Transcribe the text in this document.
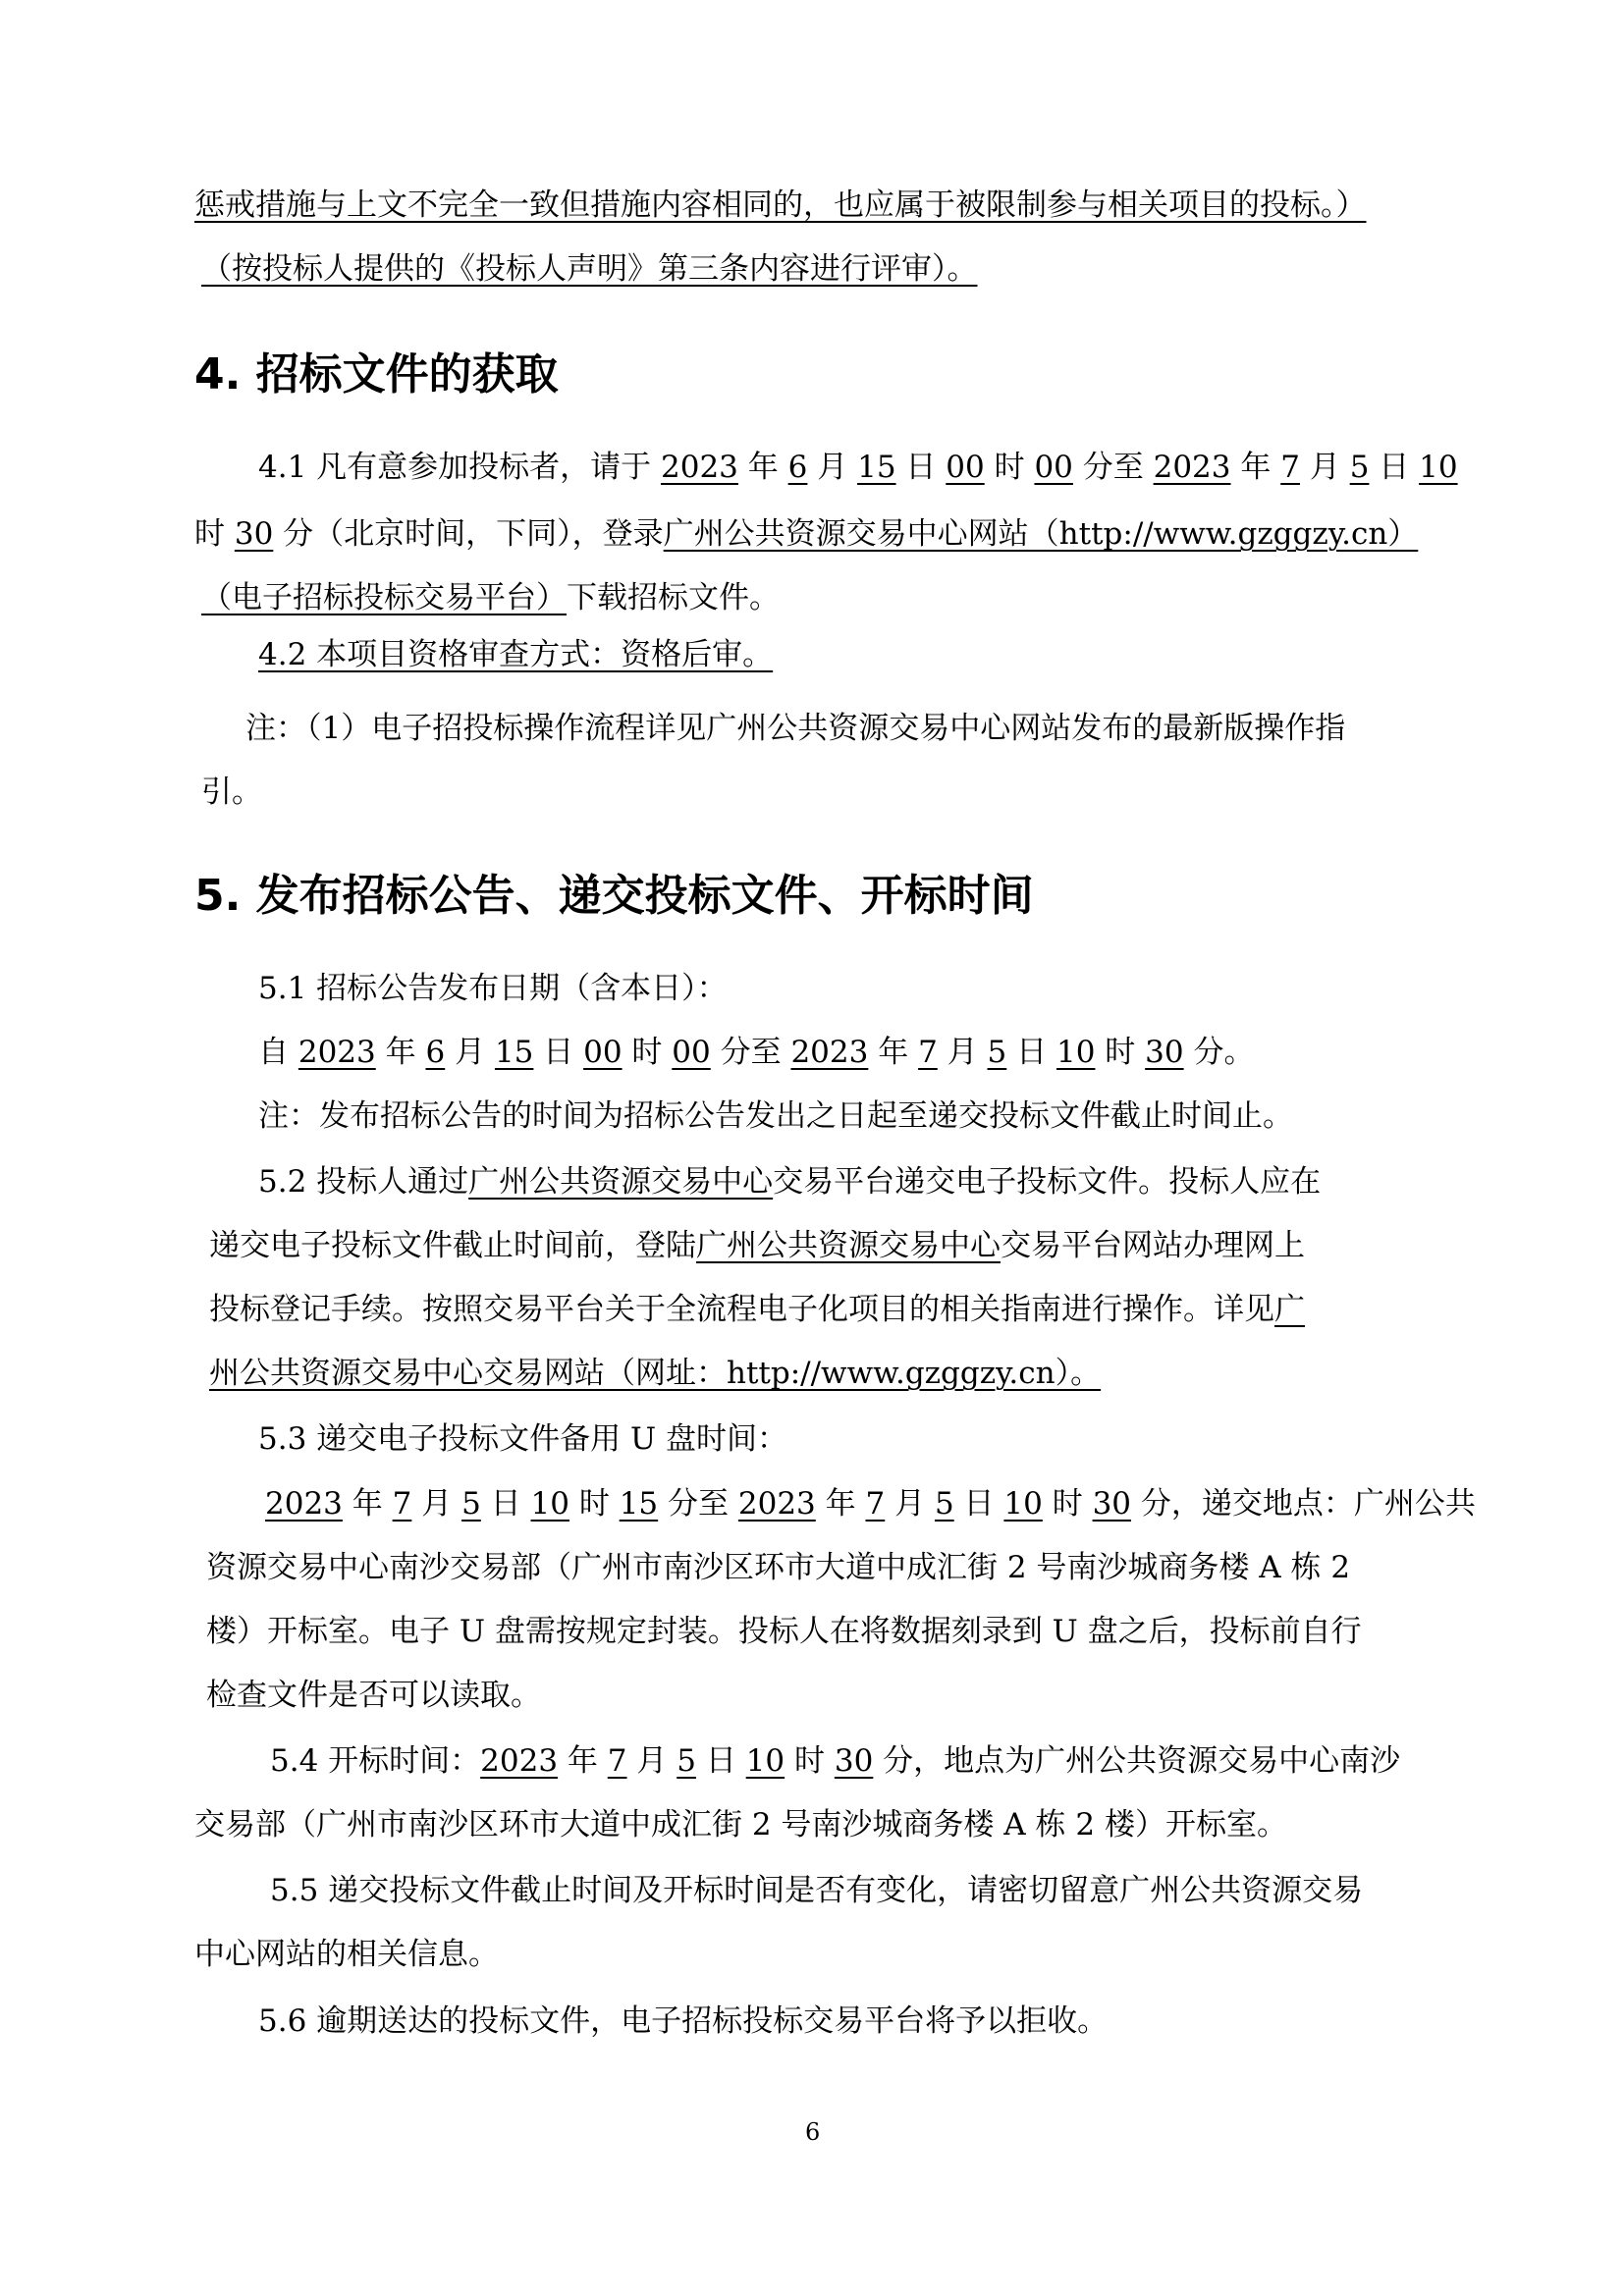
惩戒措施与上文不完全一致但措施内容相同的，也应属于被限制参与相关项目的投标。）

（按投标人提供的《投标人声明》第三条内容进行评审）。

4. 招标文件的获取

4.1 凡有意参加投标者，请于 2023 年 6 月 15 日 00 时 00 分至 2023 年 7 月 5 日 10

时 30 分（北京时间，下同），登录广州公共资源交易中心网站（http://www.gzggzy.cn）

（电子招标投标交易平台）下载招标文件。

4.2 本项目资格审查方式：资格后审。

注：（1）电子招投标操作流程详见广州公共资源交易中心网站发布的最新版操作指

引。

5. 发布招标公告、递交投标文件、开标时间

5.1 招标公告发布日期（含本日）：

自 2023 年 6 月 15 日 00 时 00 分至 2023 年 7 月 5 日 10 时 30 分。

注：发布招标公告的时间为招标公告发出之日起至递交投标文件截止时间止。

5.2 投标人通过广州公共资源交易中心交易平台递交电子投标文件。投标人应在

递交电子投标文件截止时间前，登陆广州公共资源交易中心交易平台网站办理网上

投标登记手续。按照交易平台关于全流程电子化项目的相关指南进行操作。详见广

州公共资源交易中心交易网站（网址：http://www.gzggzy.cn）。

5.3 递交电子投标文件备用 U 盘时间：

2023 年 7 月 5 日 10 时 15 分至 2023 年 7 月 5 日 10 时 30 分，递交地点：广州公共

资源交易中心南沙交易部（广州市南沙区环市大道中成汇街 2 号南沙城商务楼 A 栋 2

楼）开标室。电子 U 盘需按规定封装。投标人在将数据刻录到 U 盘之后，投标前自行

检查文件是否可以读取。

5.4 开标时间：2023 年 7 月 5 日 10 时 30 分，地点为广州公共资源交易中心南沙

交易部（广州市南沙区环市大道中成汇街 2 号南沙城商务楼 A 栋 2 楼）开标室。

5.5 递交投标文件截止时间及开标时间是否有变化，请密切留意广州公共资源交易

中心网站的相关信息。

5.6 逾期送达的投标文件，电子招标投标交易平台将予以拒收。

6
